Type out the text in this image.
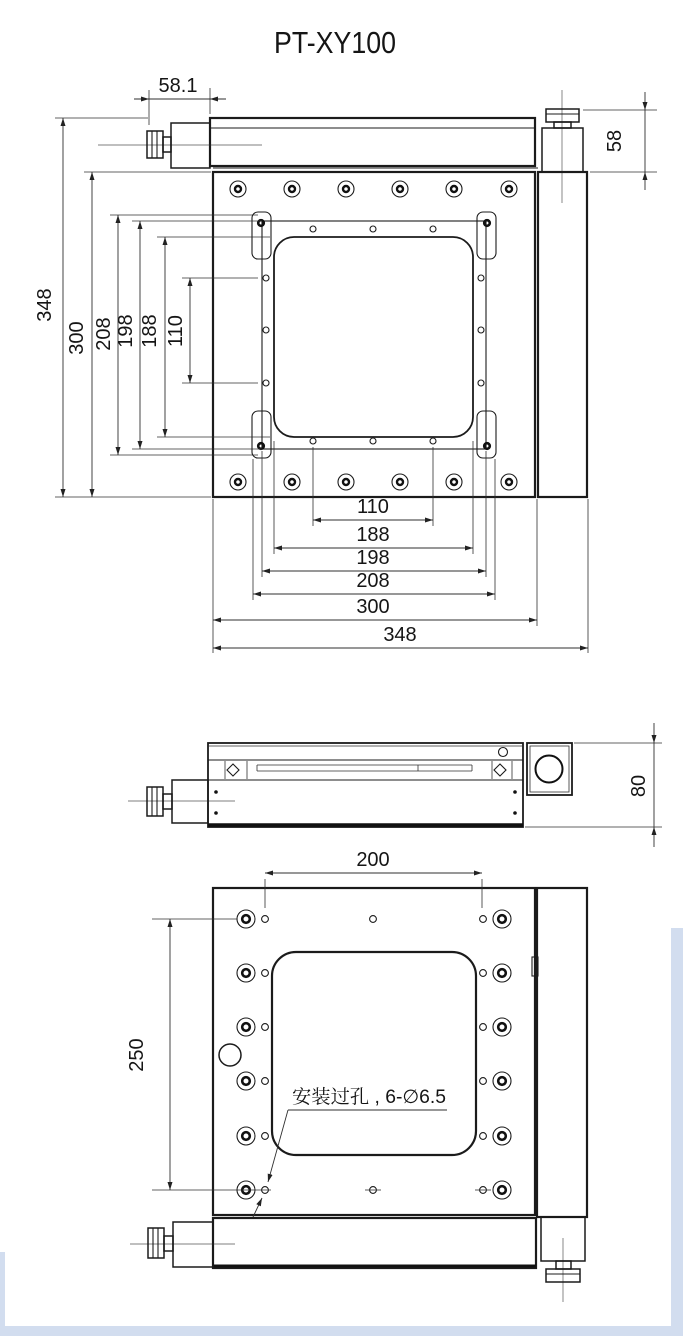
PT-XY100
58.1
58
348
300 208 198 188 110
110
188
198
208
300
348
80
200
250
安装过孔 , 6-∅6.5
